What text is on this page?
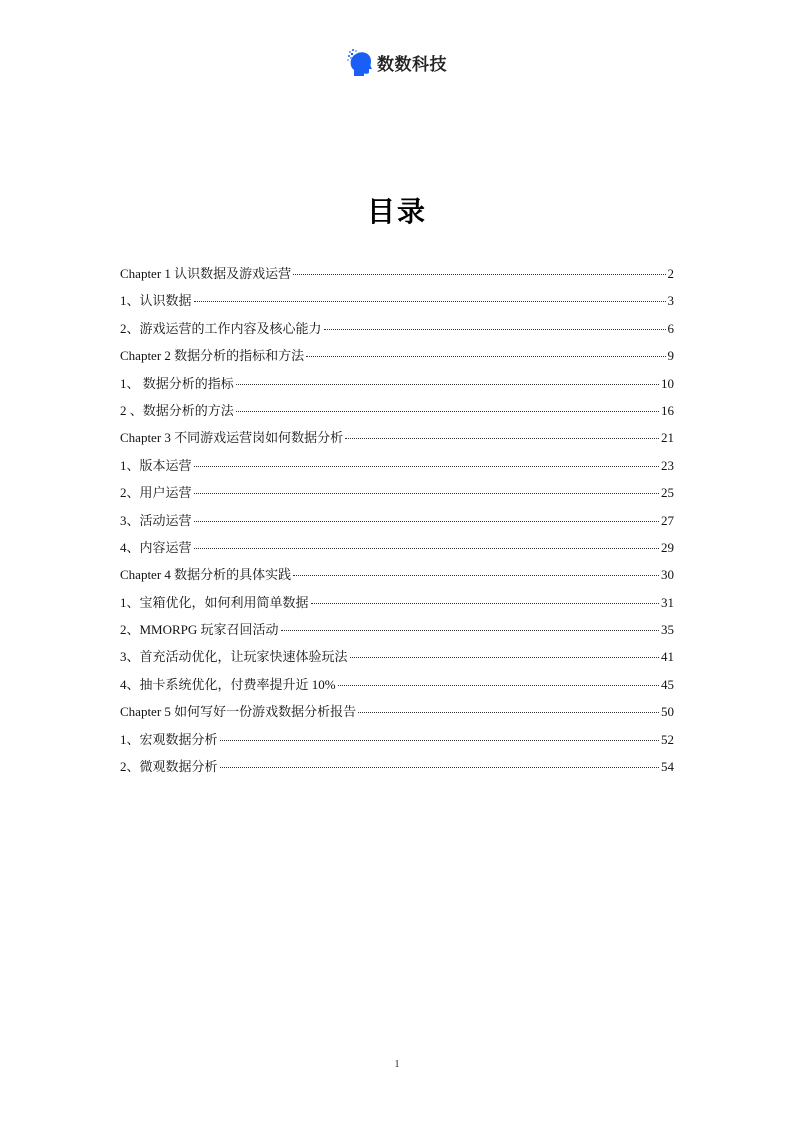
数数科技
目录
Chapter 1 认识数据及游戏运营	2
1、认识数据	3
2、游戏运营的工作内容及核心能力	6
Chapter 2 数据分析的指标和方法	9
1、 数据分析的指标	10
2 、数据分析的方法	16
Chapter 3 不同游戏运营岗如何数据分析	21
1、版本运营	23
2、用户运营	25
3、活动运营	27
4、内容运营	29
Chapter 4 数据分析的具体实践	30
1、宝箱优化，如何利用简单数据	31
2、MMORPG 玩家召回活动	35
3、首充活动优化，让玩家快速体验玩法	41
4、抽卡系统优化，付费率提升近 10%	45
Chapter 5 如何写好一份游戏数据分析报告	50
1、宏观数据分析	52
2、微观数据分析	54
1
